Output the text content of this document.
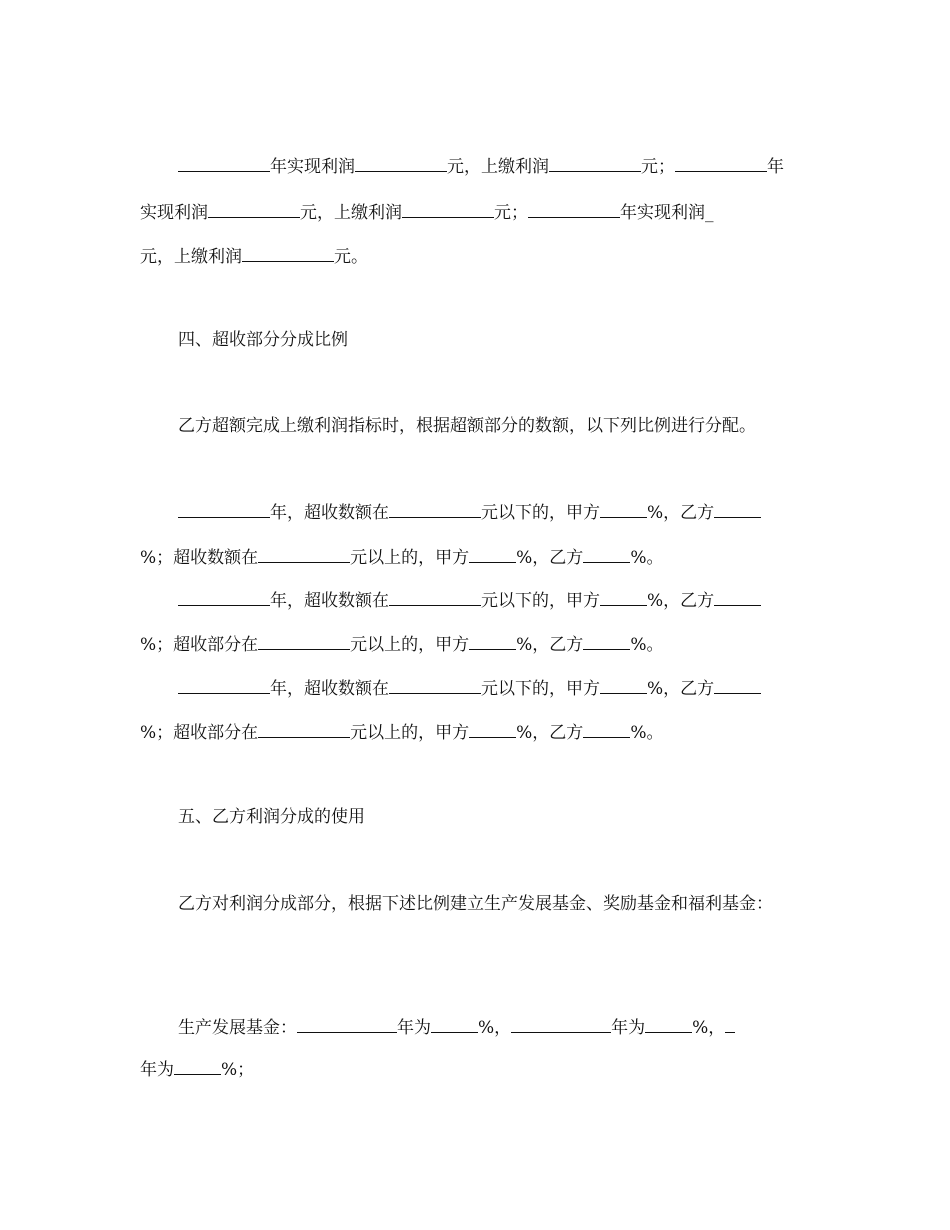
年实现利润	元，上缴利润	元；	年

实现利润	元，上缴利润	元；	年实现利润_

元，上缴利润	元。

四、超收部分分成比例

乙方超额完成上缴利润指标时，根据超额部分的数额，以下列比例进行分配。

年，超收数额在	元以下的，甲方	%，乙方

%；超收数额在	元以上的，甲方	%，乙方	%。

年，超收数额在	元以下的，甲方	%，乙方

%；超收部分在	元以上的，甲方	%，乙方	%。

年，超收数额在	元以下的，甲方	%，乙方

%；超收部分在	元以上的，甲方	%，乙方	%。

五、乙方利润分成的使用

乙方对利润分成部分，根据下述比例建立生产发展基金、奖励基金和福利基金：

生产发展基金：	年为	%，	年为	%，

年为	%；
